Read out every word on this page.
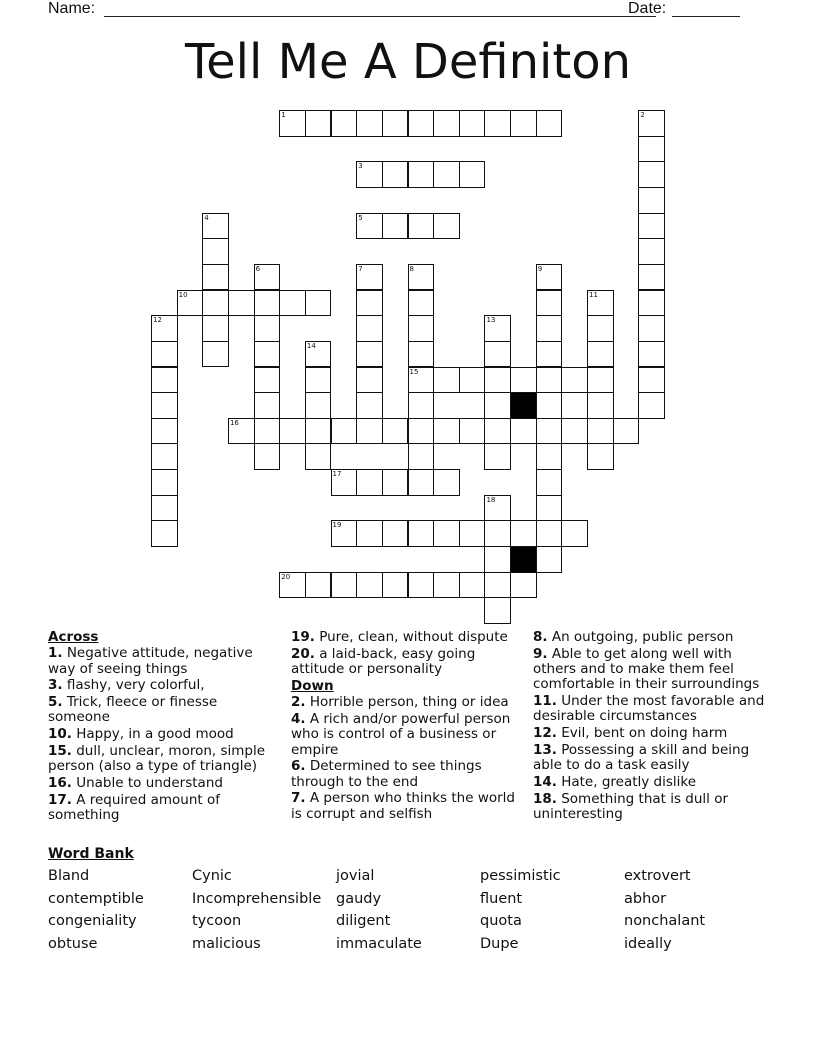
Name:	Date:
Tell Me A Definiton
1	2
3
4	5
6	7	8	9
10	11
12	13
14
15
16
17
18
19
20
Across
1. Negative attitude, negative way of seeing things
3. flashy, very colorful,
5. Trick, fleece or finesse someone
10. Happy, in a good mood
15. dull, unclear, moron, simple person (also a type of triangle)
16. Unable to understand
17. A required amount of something
19. Pure, clean, without dispute
20. a laid-back, easy going attitude or personality
Down
2. Horrible person, thing or idea
4. A rich and/or powerful person who is control of a business or empire
6. Determined to see things through to the end
7. A person who thinks the world is corrupt and selfish
8. An outgoing, public person
9. Able to get along well with others and to make them feel comfortable in their surroundings
11. Under the most favorable and desirable circumstances
12. Evil, bent on doing harm
13. Possessing a skill and being able to do a task easily
14. Hate, greatly dislike
18. Something that is dull or uninteresting
Word Bank
Bland	Cynic	jovial	pessimistic	extrovert
contemptible	Incomprehensible	gaudy	fluent	abhor
congeniality	tycoon	diligent	quota	nonchalant
obtuse	malicious	immaculate	Dupe	ideally
